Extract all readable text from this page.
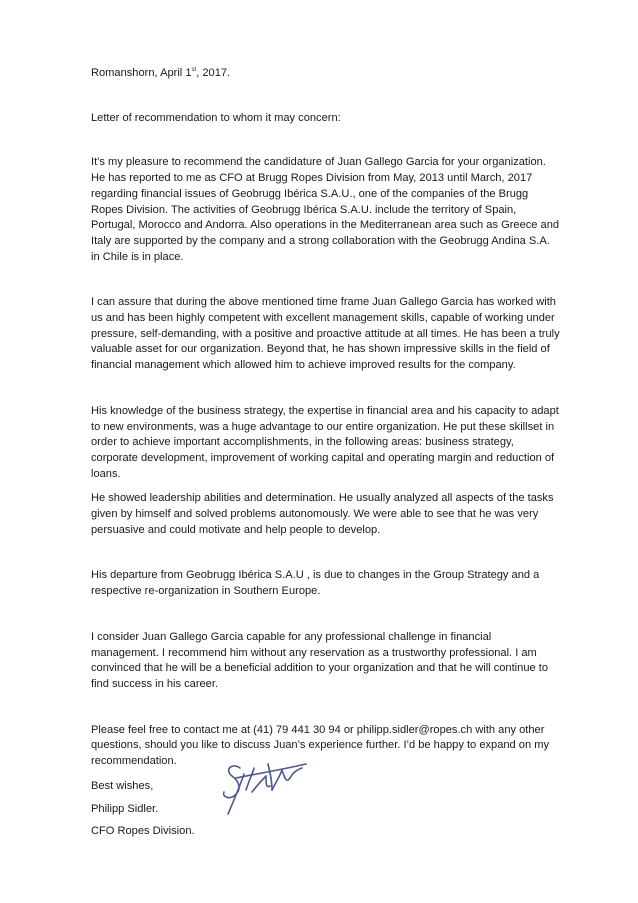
Romanshorn, April 1st, 2017.

Letter of recommendation to whom it may concern:

It’s my pleasure to recommend the candidature of Juan Gallego Garcia for your organization. He has reported to me as CFO at Brugg Ropes Division from May, 2013 until March, 2017 regarding financial issues of Geobrugg Ibérica S.A.U., one of the companies of the Brugg Ropes Division. The activities of Geobrugg Ibérica S.A.U. include the territory of Spain, Portugal, Morocco and Andorra. Also operations in the Mediterranean area such as Greece and Italy are supported by the company and a strong collaboration with the Geobrugg Andina S.A. in Chile is in place.

I can assure that during the above mentioned time frame Juan Gallego Garcia has worked with us and has been highly competent with excellent management skills, capable of working under pressure, self-demanding, with a positive and proactive attitude at all times. He has been a truly valuable asset for our organization. Beyond that, he has shown impressive skills in the field of financial management which allowed him to achieve improved results for the company.

His knowledge of the business strategy, the expertise in financial area and his capacity to adapt to new environments, was a huge advantage to our entire organization. He put these skillset in order to achieve important accomplishments, in the following areas: business strategy, corporate development, improvement of working capital and operating margin and reduction of loans.

He showed leadership abilities and determination. He usually analyzed all aspects of the tasks given by himself and solved problems autonomously. We were able to see that he was very persuasive and could motivate and help people to develop.

His departure from Geobrugg Ibérica S.A.U , is due to changes in the Group Strategy and a respective re-organization in Southern Europe.

I consider Juan Gallego Garcia capable for any professional challenge in financial management. I recommend him without any reservation as a trustworthy professional. I am convinced that he will be a beneficial addition to your organization and that he will continue to find success in his career.

Please feel free to contact me at (41) 79 441 30 94 or philipp.sidler@ropes.ch with any other questions, should you like to discuss Juan’s experience further. I’d be happy to expand on my recommendation.

Best wishes,

Philipp Sidler.

CFO Ropes Division.
